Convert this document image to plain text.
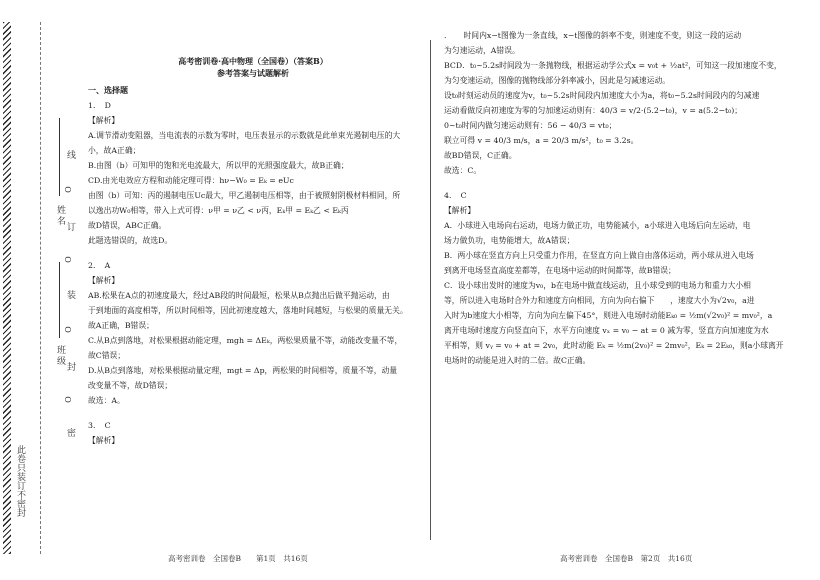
此卷只装订不密封
姓名
班级
线
订
装
封
密
O
O
O
O
高考密训卷·高中物理（全国卷）（答案B）
参考答案与试题解析

一、选择题

1．　D

【解析】

A.调节滑动变阻器，当电流表的示数为零时，电压表显示的示数就是此单束光遏制电压的大

小，故A正确；

B.由图（b）可知甲的饱和光电流最大，所以甲的光照强度最大，故B正确；

CD.由光电效应方程和动能定理可得：hν−W₀ = Eₖ = eUc

由图（b）可知：丙的遏制电压Uc最大，甲乙遏制电压相等，由于被照射阴极材料相同，所

以逸出功W₀相等，带入上式可得：ν甲 = ν乙 < ν丙，Eₖ甲 = Eₖ乙 < Eₖ丙

故D错误，ABC正确。

此题选错误的，故选D。

2．　A

【解析】

AB.松果在A点的初速度最大，经过AB段的时间最短，松果从B点抛出后做平抛运动，由

于到地面的高度相等，所以时间相等，因此初速度越大，落地时间越短，与松果的质量无关。

故A正确，B错误；

C.从B点到落地，对松果根据动能定理，mgh = ΔEₖ，两松果质量不等，动能改变量不等，

故C错误；

D.从B点到落地，对松果根据动量定理，mgt = Δp，两松果的时间相等，质量不等，动量

改变量不等，故D错误；

故选：A。

3．　C

【解析】

．　　时间内x−t图像为一条直线，x−t图像的斜率不变，则速度不变，则这一段的运动

为匀速运动，A错误。

BCD．t₀~5.2s时间段为一条抛物线，根据运动学公式x = v₀t + ½at²，可知这一段加速度不变，

为匀变速运动，图像的抛物线部分斜率减小，因此是匀减速运动。

设t₀时刻运动员的速度为v，t₀~5.2s时间段内加速度大小为a，将t₀~5.2s时间段内的匀减速

运动看做反向初速度为零的匀加速运动则有：40/3 = v/2·(5.2−t₀)，v = a(5.2−t₀)；

0~t₀时间内做匀速运动则有：56 − 40/3 = vt₀；

联立可得 v = 40/3 m/s，a = 20/3 m/s²，t₀ = 3.2s。

故BD错误，C正确。

故选：C。

4．　C

【解析】

A．小球进入电场向右运动，电场力做正功，电势能减小，a小球进入电场后向左运动，电

场力做负功，电势能增大，故A错误；

B．两小球在竖直方向上只受重力作用，在竖直方向上做自由落体运动，两小球从进入电场

到离开电场竖直高度差都等，在电场中运动的时间都等，故B错误；

C．设小球出发时的速度为v₀，b在电场中做直线运动，且小球受到的电场力和重力大小相

等，所以进入电场时合外力和速度方向相同，方向为向右偏下　　，速度大小为√2v₀，a进

入时为b速度大小相等，方向为向左偏下45°，则进入电场时动能Eₖ₀ = ½m(√2v₀)² = mv₀²，a

离开电场时速度方向竖直向下，水平方向速度 vₓ = v₀ − at = 0 减为零，竖直方向加速度为水

平相等，则 vᵧ = v₀ + at = 2v₀，此时动能 Eₖ = ½m(2v₀)² = 2mv₀²，Eₖ = 2Eₖ₀，则a小球离开

电场时的动能是进入时的二倍。故C正确。

高考密训卷　全国卷B　　第1页　共16页	高考密训卷　全国卷B　第2页　共16页
